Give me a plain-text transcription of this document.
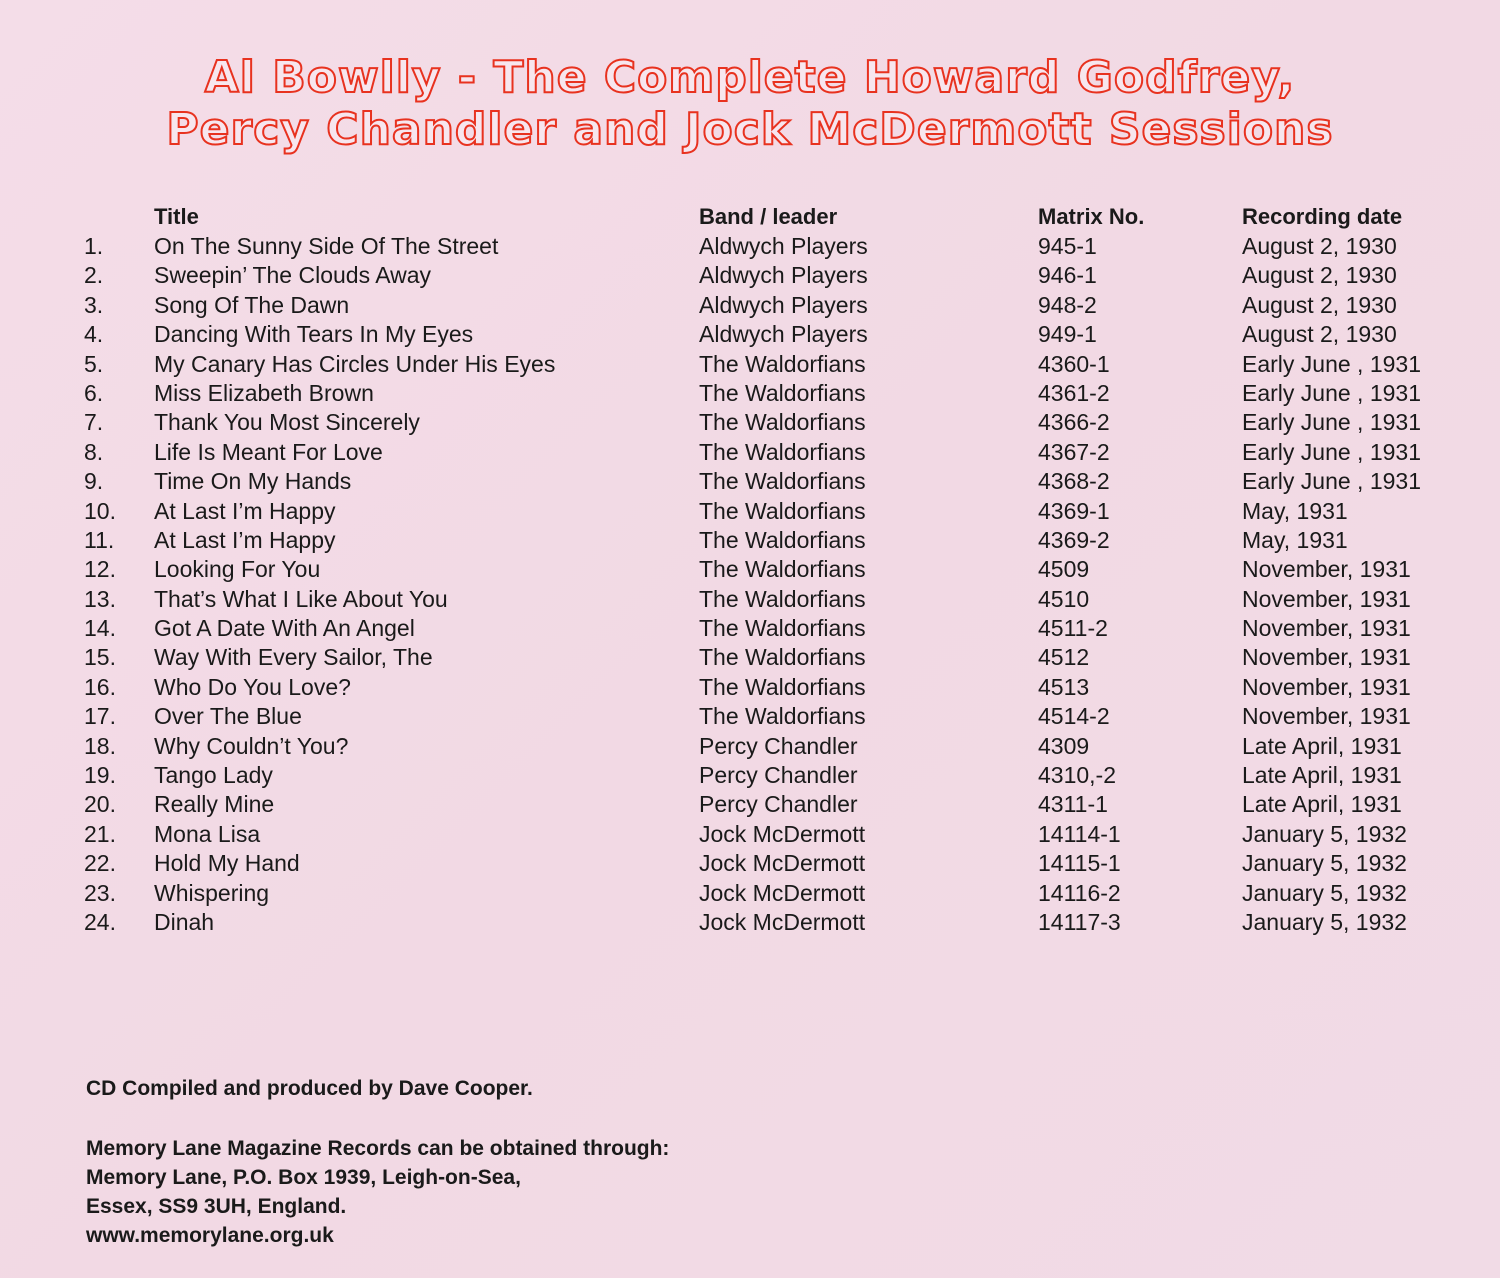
Al Bowlly - The Complete Howard Godfrey,
Percy Chandler and Jock McDermott Sessions
Title	Band / leader	Matrix No.	Recording date
1. On The Sunny Side Of The Street	Aldwych Players	945-1	August 2, 1930
2. Sweepin’ The Clouds Away	Aldwych Players	946-1	August 2, 1930
3. Song Of The Dawn	Aldwych Players	948-2	August 2, 1930
4. Dancing With Tears In My Eyes	Aldwych Players	949-1	August 2, 1930
5. My Canary Has Circles Under His Eyes	The Waldorfians	4360-1	Early June , 1931
6. Miss Elizabeth Brown	The Waldorfians	4361-2	Early June , 1931
7. Thank You Most Sincerely	The Waldorfians	4366-2	Early June , 1931
8. Life Is Meant For Love	The Waldorfians	4367-2	Early June , 1931
9. Time On My Hands	The Waldorfians	4368-2	Early June , 1931
10. At Last I’m Happy	The Waldorfians	4369-1	May, 1931
11. At Last I’m Happy	The Waldorfians	4369-2	May, 1931
12. Looking For You	The Waldorfians	4509	November, 1931
13. That’s What I Like About You	The Waldorfians	4510	November, 1931
14. Got A Date With An Angel	The Waldorfians	4511-2	November, 1931
15. Way With Every Sailor, The	The Waldorfians	4512	November, 1931
16. Who Do You Love?	The Waldorfians	4513	November, 1931
17. Over The Blue	The Waldorfians	4514-2	November, 1931
18. Why Couldn’t You?	Percy Chandler	4309	Late April, 1931
19. Tango Lady	Percy Chandler	4310,-2	Late April, 1931
20. Really Mine	Percy Chandler	4311-1	Late April, 1931
21. Mona Lisa	Jock McDermott	14114-1	January 5, 1932
22. Hold My Hand	Jock McDermott	14115-1	January 5, 1932
23. Whispering	Jock McDermott	14116-2	January 5, 1932
24. Dinah	Jock McDermott	14117-3	January 5, 1932
CD Compiled and produced by Dave Cooper.
Memory Lane Magazine Records can be obtained through:
Memory Lane, P.O. Box 1939, Leigh-on-Sea,
Essex, SS9 3UH, England.
www.memorylane.org.uk
